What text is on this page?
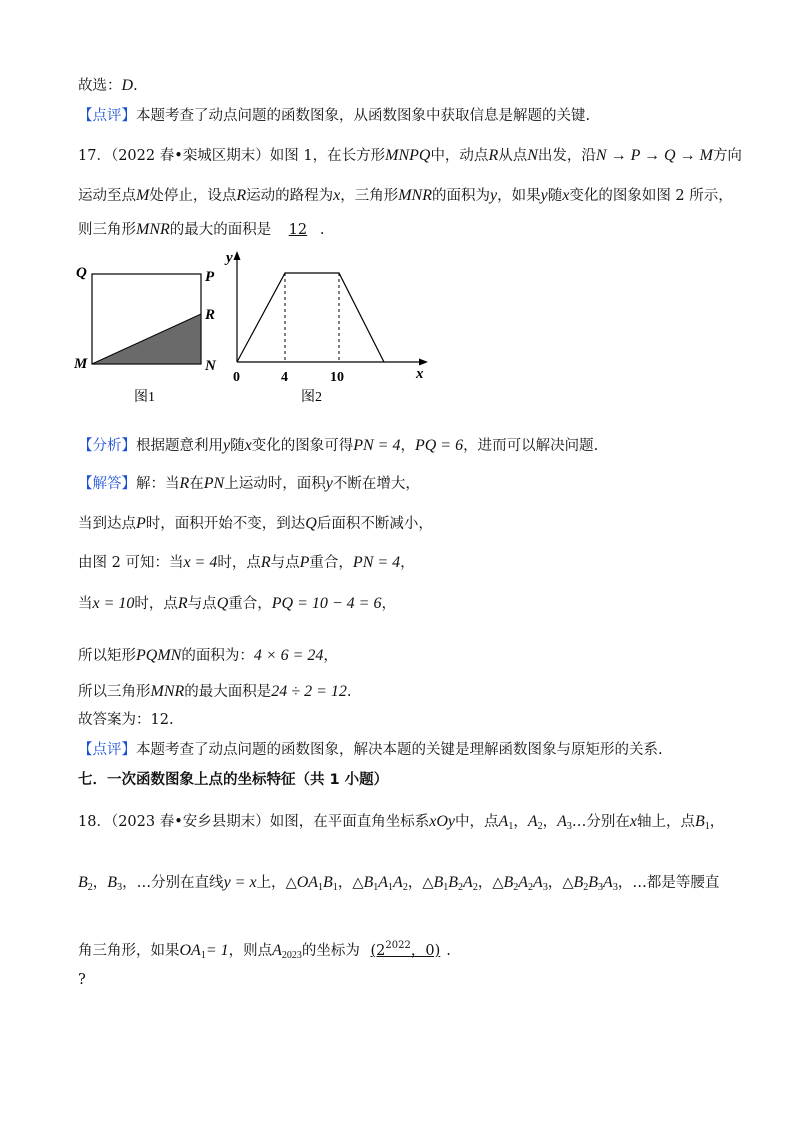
故选：D.
【点评】本题考查了动点问题的函数图象，从函数图象中获取信息是解题的关键.
17．（2022 春•栾城区期末）如图 1，在长方形MNPQ中，动点R从点N出发，沿N → P → Q → M方向
运动至点M处停止，设点R运动的路程为x，三角形MNR的面积为y，如果y随x变化的图象如图 2 所示，
则三角形MNR的最大的面积是 12 .
Q	P
R
M	N
图1
y
x
0	4	10
图2
【分析】根据题意利用y随x变化的图象可得PN = 4，PQ = 6，进而可以解决问题.
【解答】解：当R在PN上运动时，面积y不断在增大，
当到达点P时，面积开始不变，到达Q后面积不断减小，
由图 2 可知：当x = 4时，点R与点P重合，PN = 4，
当x = 10时，点R与点Q重合，PQ = 10 − 4 = 6，
所以矩形PQMN的面积为：4 × 6 = 24，
所以三角形MNR的最大面积是24 ÷ 2 = 12.
故答案为：12.
【点评】本题考查了动点问题的函数图象，解决本题的关键是理解函数图象与原矩形的关系.
七．一次函数图象上点的坐标特征（共 1 小题）
18．（2023 春•安乡县期末）如图，在平面直角坐标系xOy中，点$A_1$，$A_2$，$A_3\dots$分别在x轴上，点$B_1$，
$B_2$，$B_3$，…分别在直线y = x上，$\triangle OA_1B_1$，$\triangle B_1A_1A_2$，$\triangle B_1B_2A_2$，$\triangle B_2A_2A_3$，$\triangle B_2B_3A_3$，…都是等腰直
角三角形，如果$OA_1= 1$，则点$A_{2023}$的坐标为 ($2^{2022}$，0) .
?
